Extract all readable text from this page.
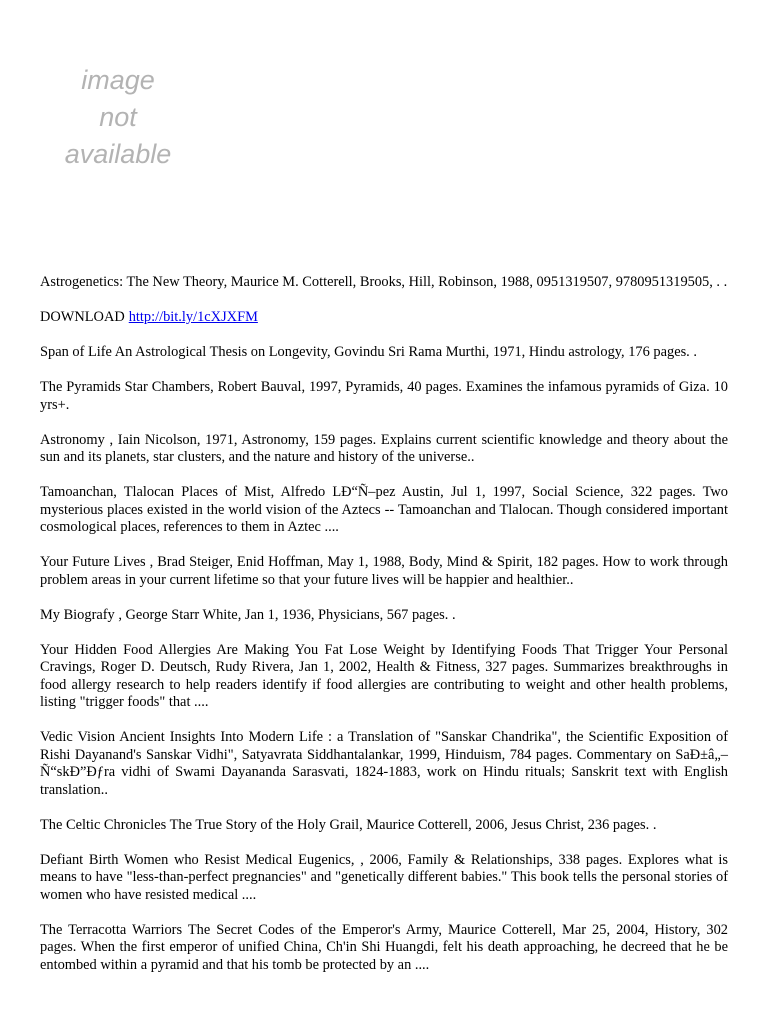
image
not
available

Astrogenetics: The New Theory, Maurice M. Cotterell, Brooks, Hill, Robinson, 1988, 0951319507, 9780951319505, . .

DOWNLOAD http://bit.ly/1cXJXFM

Span of Life An Astrological Thesis on Longevity, Govindu Sri Rama Murthi, 1971, Hindu astrology, 176 pages. .

The Pyramids Star Chambers, Robert Bauval, 1997, Pyramids, 40 pages. Examines the infamous pyramids of Giza. 10 yrs+.

Astronomy , Iain Nicolson, 1971, Astronomy, 159 pages. Explains current scientific knowledge and theory about the sun and its planets, star clusters, and the nature and history of the universe..

Tamoanchan, Tlalocan Places of Mist, Alfredo LÐ“Ñ–pez Austin, Jul 1, 1997, Social Science, 322 pages. Two mysterious places existed in the world vision of the Aztecs -- Tamoanchan and Tlalocan. Though considered important cosmological places, references to them in Aztec ....

Your Future Lives , Brad Steiger, Enid Hoffman, May 1, 1988, Body, Mind & Spirit, 182 pages. How to work through problem areas in your current lifetime so that your future lives will be happier and healthier..

My Biografy , George Starr White, Jan 1, 1936, Physicians, 567 pages. .

Your Hidden Food Allergies Are Making You Fat Lose Weight by Identifying Foods That Trigger Your Personal Cravings, Roger D. Deutsch, Rudy Rivera, Jan 1, 2002, Health & Fitness, 327 pages. Summarizes breakthroughs in food allergy research to help readers identify if food allergies are contributing to weight and other health problems, listing "trigger foods" that ....

Vedic Vision Ancient Insights Into Modern Life : a Translation of "Sanskar Chandrika", the Scientific Exposition of Rishi Dayanand's Sanskar Vidhi", Satyavrata Siddhantalankar, 1999, Hinduism, 784 pages. Commentary on SaÐ±â„–Ñ“skÐ”Ðƒra vidhi of Swami Dayananda Sarasvati, 1824-1883, work on Hindu rituals; Sanskrit text with English translation..

The Celtic Chronicles The True Story of the Holy Grail, Maurice Cotterell, 2006, Jesus Christ, 236 pages. .

Defiant Birth Women who Resist Medical Eugenics, , 2006, Family & Relationships, 338 pages. Explores what is means to have "less-than-perfect pregnancies" and "genetically different babies." This book tells the personal stories of women who have resisted medical ....

The Terracotta Warriors The Secret Codes of the Emperor's Army, Maurice Cotterell, Mar 25, 2004, History, 302 pages. When the first emperor of unified China, Ch'in Shi Huangdi, felt his death approaching, he decreed that he be entombed within a pyramid and that his tomb be protected by an ....
